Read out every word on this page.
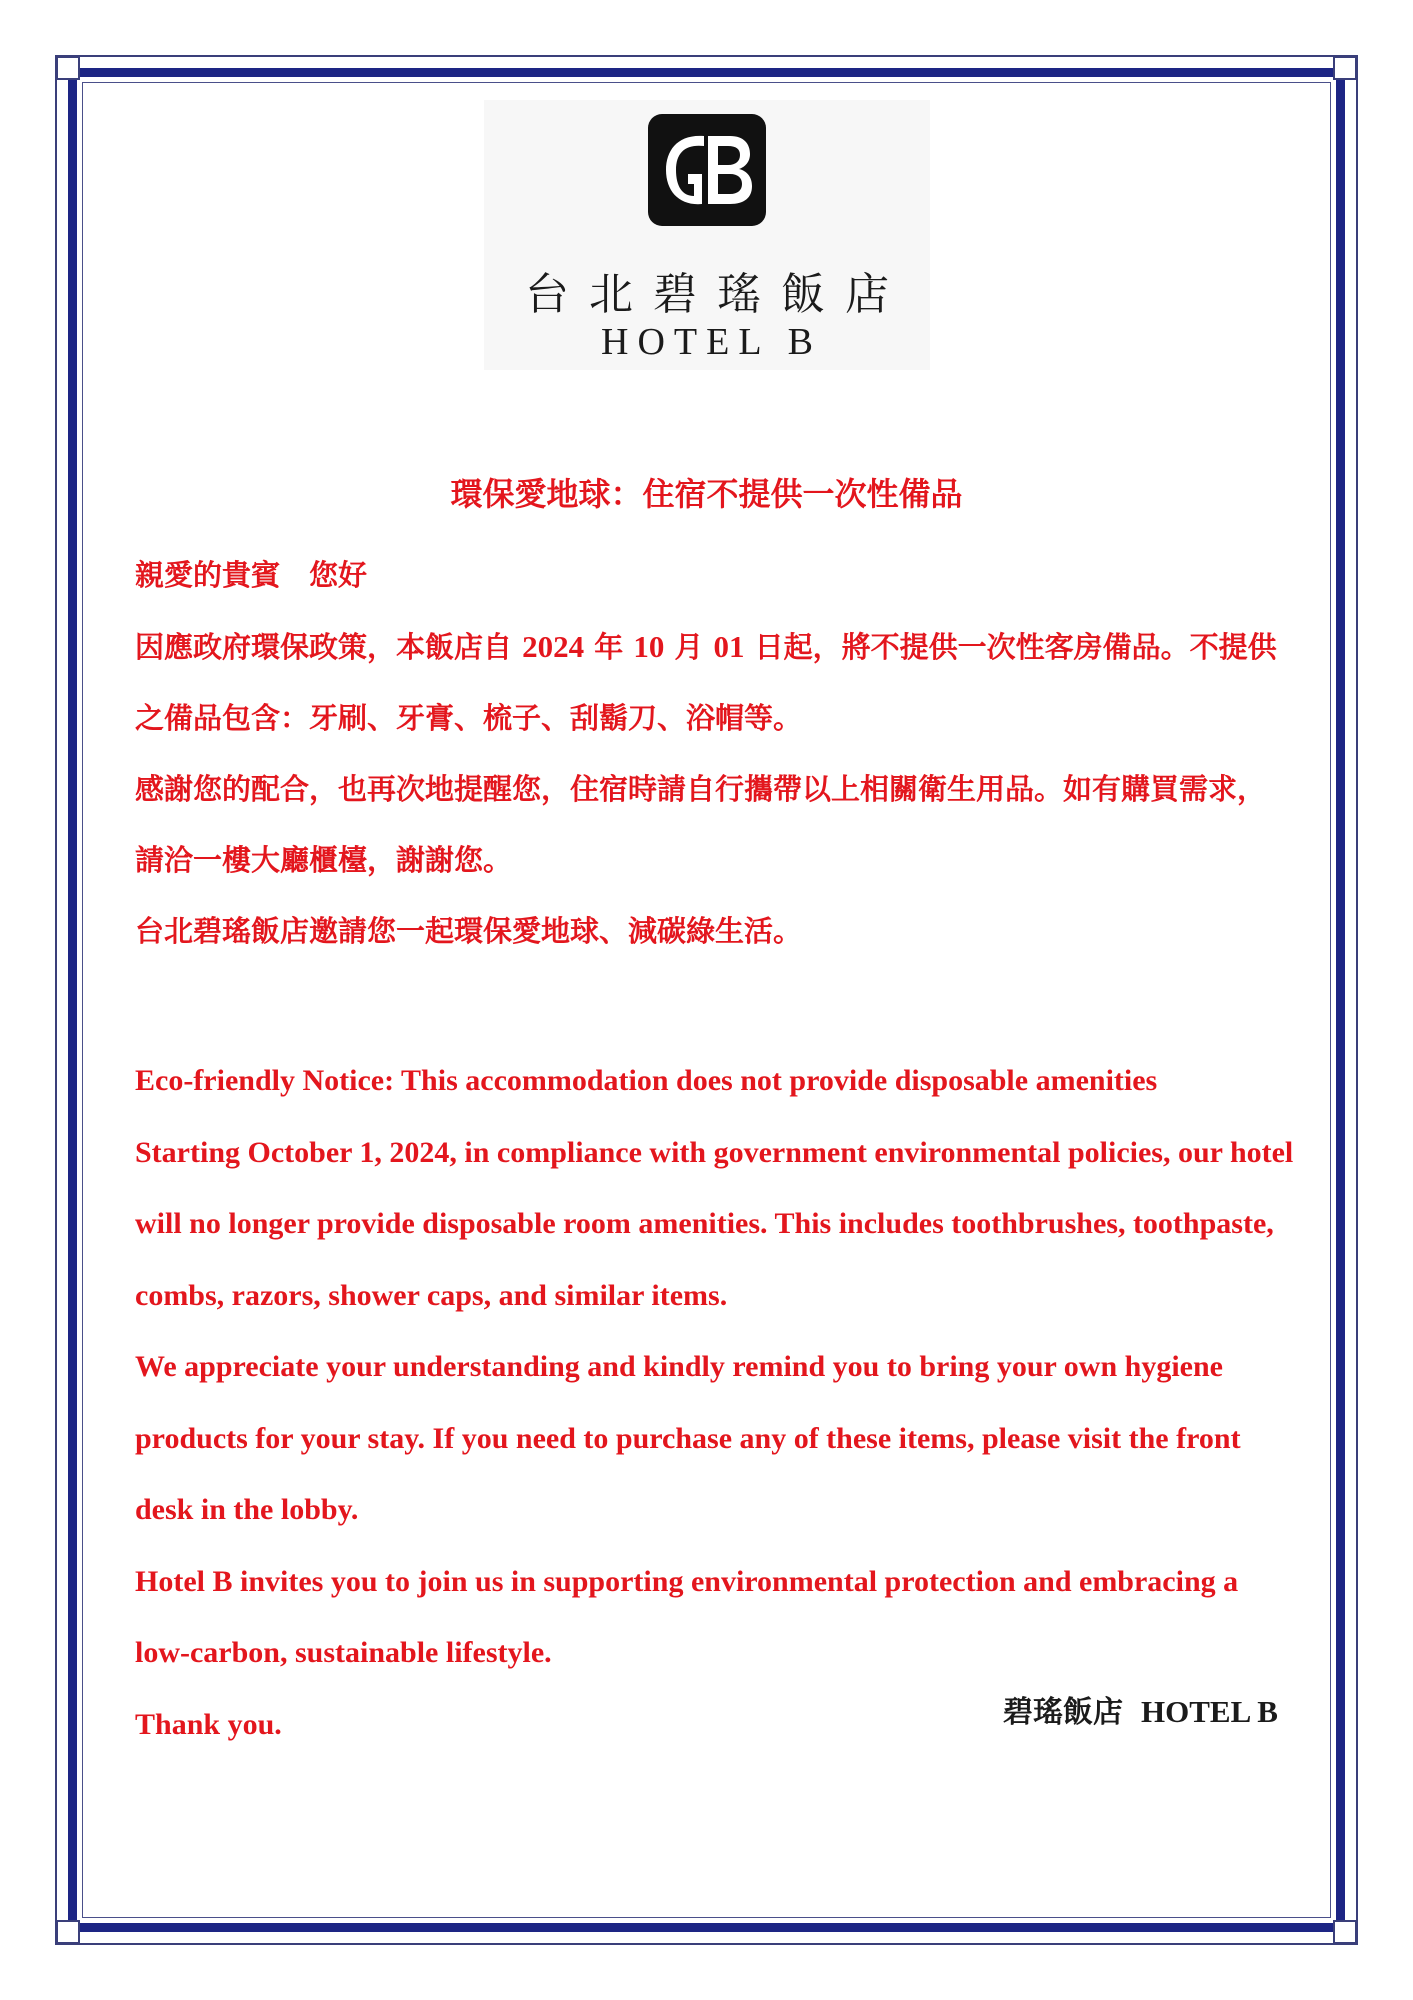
台北碧瑤飯店
HOTEL B
環保愛地球：住宿不提供一次性備品

親愛的貴賓　您好

因應政府環保政策，本飯店自 2024 年 10 月 01 日起，將不提供一次性客房備品。不提供之備品包含：牙刷、牙膏、梳子、刮鬍刀、浴帽等。

感謝您的配合，也再次地提醒您，住宿時請自行攜帶以上相關衛生用品。如有購買需求，請洽一樓大廳櫃檯，謝謝您。

台北碧瑤飯店邀請您一起環保愛地球、減碳綠生活。

Eco-friendly Notice: This accommodation does not provide disposable amenities

Starting October 1, 2024, in compliance with government environmental policies, our hotel will no longer provide disposable room amenities. This includes toothbrushes, toothpaste, combs, razors, shower caps, and similar items.

We appreciate your understanding and kindly remind you to bring your own hygiene products for your stay. If you need to purchase any of these items, please visit the front desk in the lobby.

Hotel B invites you to join us in supporting environmental protection and embracing a low-carbon, sustainable lifestyle.

Thank you.	碧瑤飯店 HOTEL B
